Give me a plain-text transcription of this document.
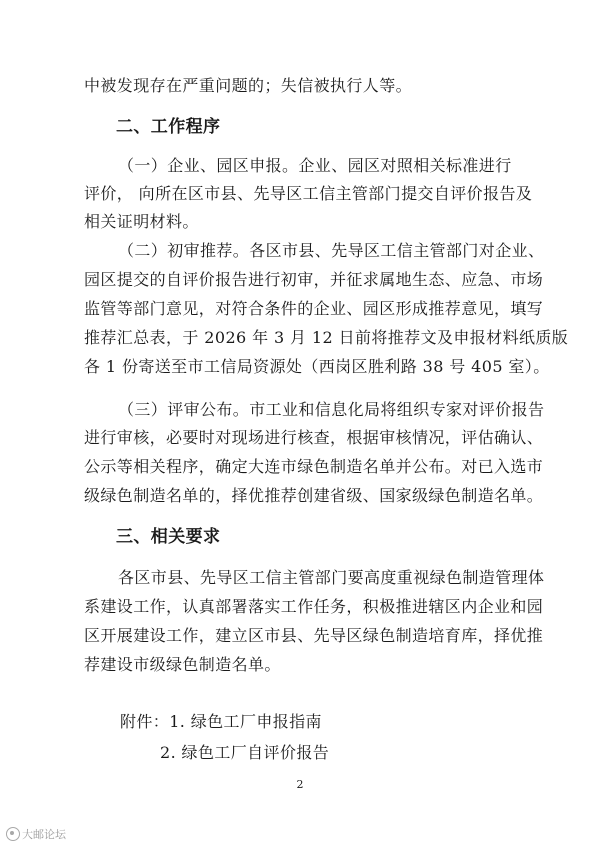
中被发现存在严重问题的；失信被执行人等。
二、工作程序
（一）企业、园区申报。企业、园区对照相关标准进行
评价， 向所在区市县、先导区工信主管部门提交自评价报告及
相关证明材料。
（二）初审推荐。各区市县、先导区工信主管部门对企业、
园区提交的自评价报告进行初审，并征求属地生态、应急、市场
监管等部门意见，对符合条件的企业、园区形成推荐意见，填写
推荐汇总表，于 2026 年 3 月 12 日前将推荐文及申报材料纸质版
各 1 份寄送至市工信局资源处（西岗区胜利路 38 号 405 室）。
（三）评审公布。市工业和信息化局将组织专家对评价报告
进行审核，必要时对现场进行核查，根据审核情况，评估确认、
公示等相关程序，确定大连市绿色制造名单并公布。对已入选市
级绿色制造名单的，择优推荐创建省级、国家级绿色制造名单。
三、相关要求
各区市县、先导区工信主管部门要高度重视绿色制造管理体
系建设工作，认真部署落实工作任务，积极推进辖区内企业和园
区开展建设工作，建立区市县、先导区绿色制造培育库，择优推
荐建设市级绿色制造名单。
附件：1. 绿色工厂申报指南
2. 绿色工厂自评价报告
2
大邮论坛
